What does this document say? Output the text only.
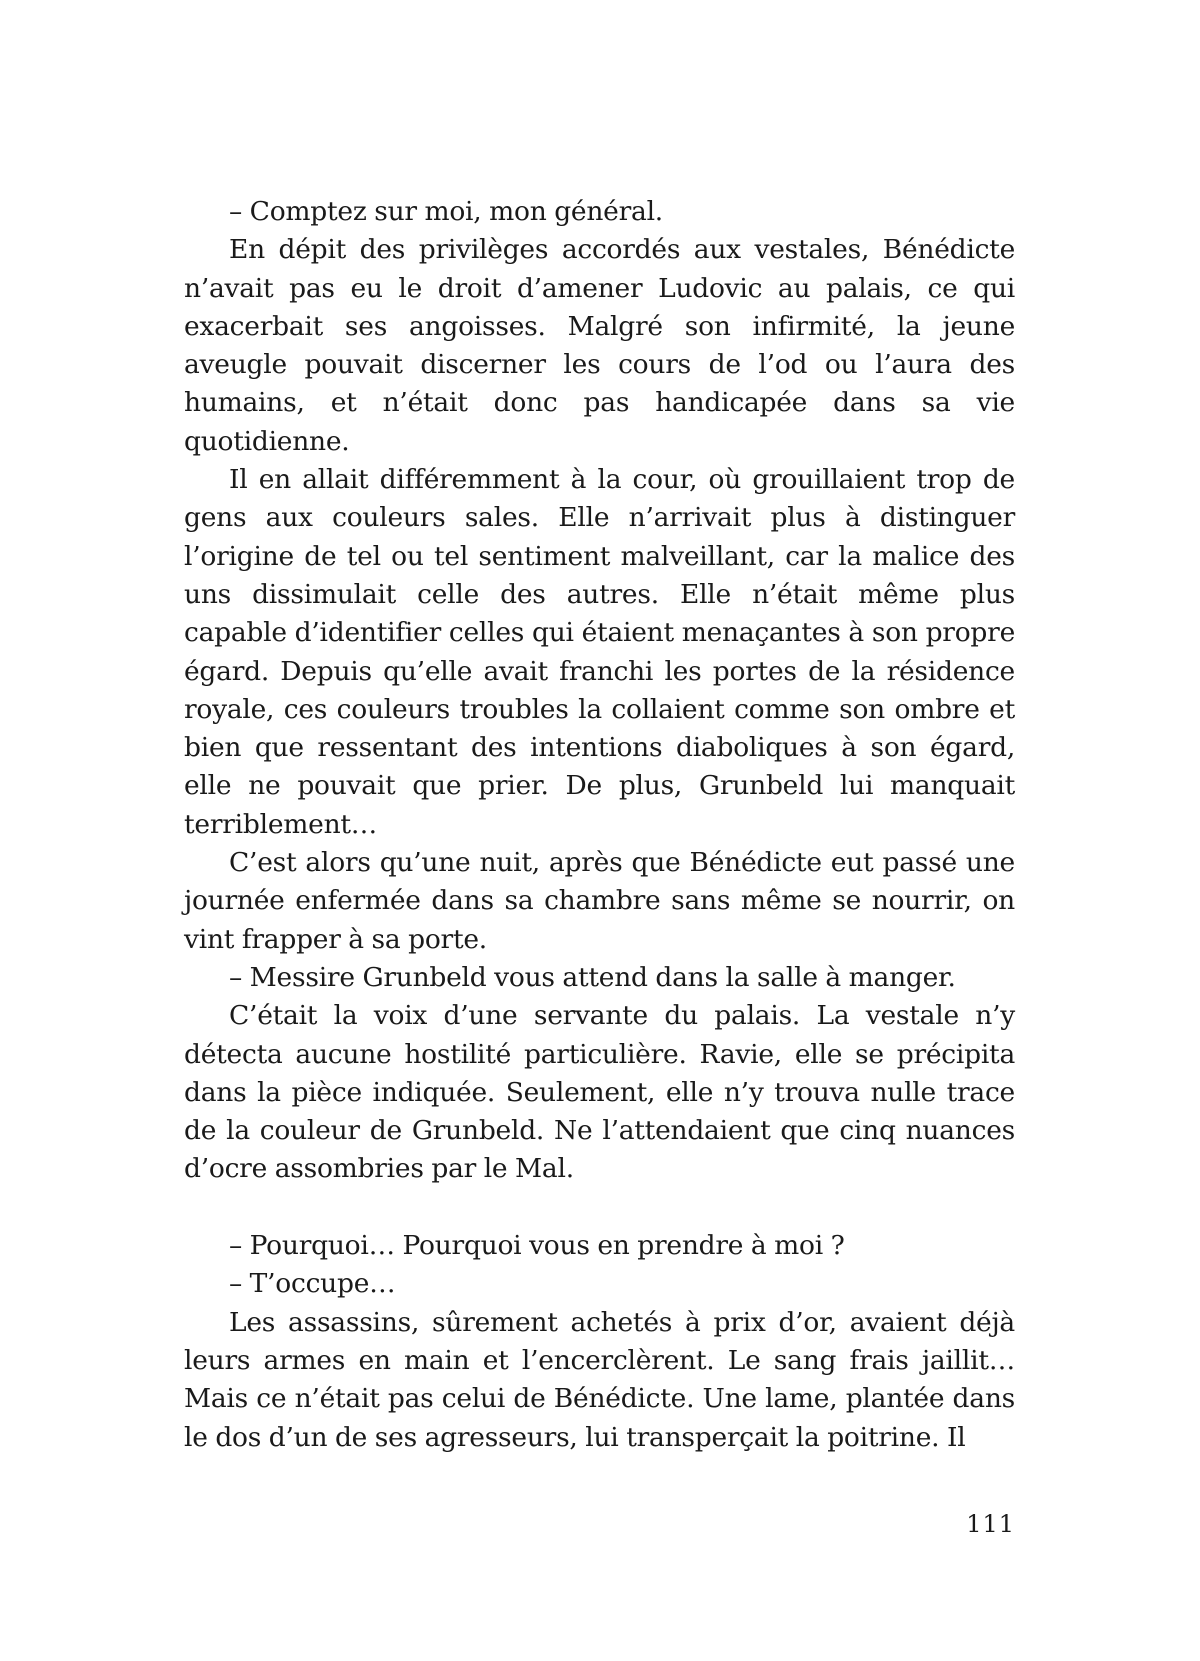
– Comptez sur moi, mon général.

En dépit des privilèges accordés aux vestales, Bénédicte n’avait pas eu le droit d’amener Ludovic au palais, ce qui exacerbait ses angoisses. Malgré son infirmité, la jeune aveugle pouvait discerner les cours de l’od ou l’aura des humains, et n’était donc pas handicapée dans sa vie quotidienne.

Il en allait différemment à la cour, où grouillaient trop de gens aux couleurs sales. Elle n’arrivait plus à distinguer l’origine de tel ou tel sentiment malveillant, car la malice des uns dissimulait celle des autres. Elle n’était même plus capable d’identifier celles qui étaient menaçantes à son propre égard. Depuis qu’elle avait franchi les portes de la résidence royale, ces couleurs troubles la collaient comme son ombre et bien que ressentant des intentions diaboliques à son égard, elle ne pouvait que prier. De plus, Grunbeld lui manquait terriblement…

C’est alors qu’une nuit, après que Bénédicte eut passé une journée enfermée dans sa chambre sans même se nourrir, on vint frapper à sa porte.

– Messire Grunbeld vous attend dans la salle à manger.

C’était la voix d’une servante du palais. La vestale n’y détecta aucune hostilité particulière. Ravie, elle se précipita dans la pièce indiquée. Seulement, elle n’y trouva nulle trace de la couleur de Grunbeld. Ne l’attendaient que cinq nuances d’ocre assombries par le Mal.

– Pourquoi… Pourquoi vous en prendre à moi ?

– T’occupe…

Les assassins, sûrement achetés à prix d’or, avaient déjà leurs armes en main et l’encerclèrent. Le sang frais jaillit… Mais ce n’était pas celui de Bénédicte. Une lame, plantée dans le dos d’un de ses agresseurs, lui transperçait la poitrine. Il

111
